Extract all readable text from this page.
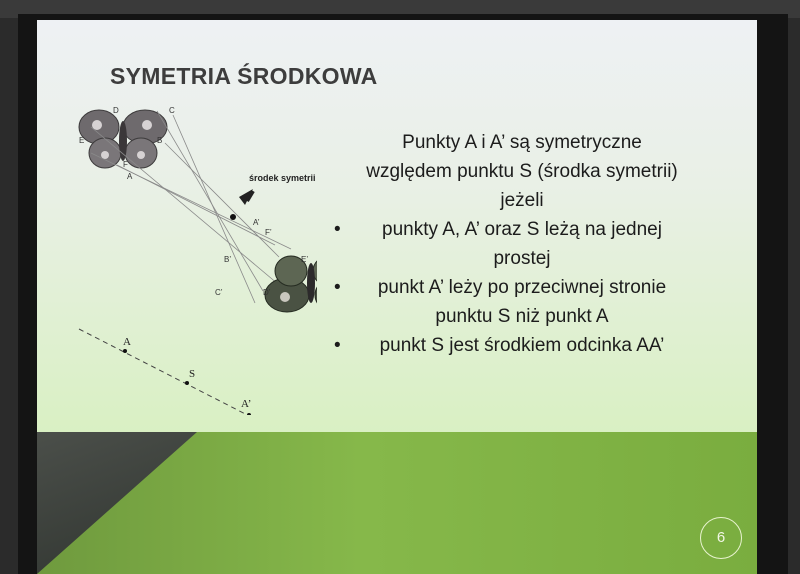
SYMETRIA ŚRODKOWA
środek symetrii
D	C
E	B
F
A
A’
F’
B’	E’
C’	D’
A
S
A’
Punkty A i A’ są symetryczne
względem punktu S (środka symetrii)
jeżeli
•	punkty A, A’ oraz S leżą na jednej
prostej
•	punkt A’ leży po przeciwnej stronie
punktu S niż punkt A
•	punkt S jest środkiem odcinka AA’
6
